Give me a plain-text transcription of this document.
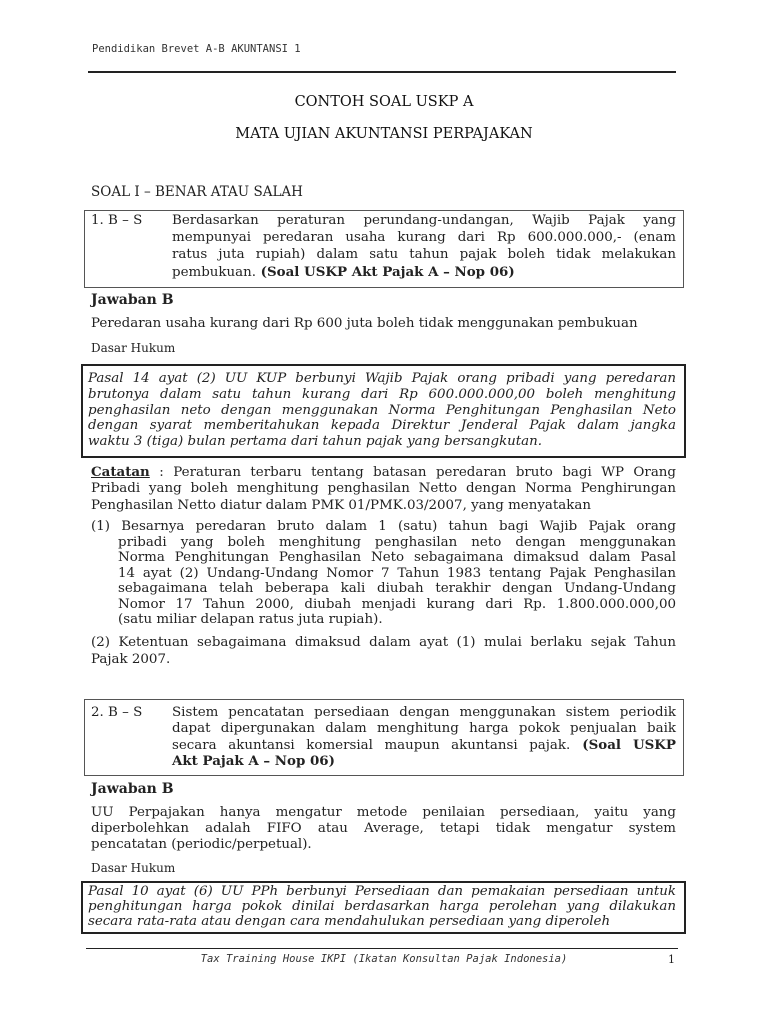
Pendidikan Brevet A-B AKUNTANSI 1
CONTOH SOAL USKP A
MATA UJIAN AKUNTANSI PERPAJAKAN
SOAL I – BENAR ATAU SALAH
1. B – S Berdasarkan peraturan perundang-undangan, Wajib Pajak yang
mempunyai peredaran usaha kurang dari Rp 600.000.000,- (enam
ratus juta rupiah) dalam satu tahun pajak boleh tidak melakukan
pembukuan. (Soal USKP Akt Pajak A – Nop 06)
Jawaban B
Peredaran usaha kurang dari Rp 600 juta boleh tidak menggunakan pembukuan
Dasar Hukum
Pasal 14 ayat (2) UU KUP berbunyi Wajib Pajak orang pribadi yang peredaran
brutonya dalam satu tahun kurang dari Rp 600.000.000,00 boleh menghitung
penghasilan neto dengan menggunakan Norma Penghitungan Penghasilan Neto
dengan syarat memberitahukan kepada Direktur Jenderal Pajak dalam jangka
waktu 3 (tiga) bulan pertama dari tahun pajak yang bersangkutan.
Catatan : Peraturan terbaru tentang batasan peredaran bruto bagi WP Orang
Pribadi yang boleh menghitung penghasilan Netto dengan Norma Penghirungan
Penghasilan Netto diatur dalam PMK 01/PMK.03/2007, yang menyatakan
(1) Besarnya peredaran bruto dalam 1 (satu) tahun bagi Wajib Pajak orang
pribadi yang boleh menghitung penghasilan neto dengan menggunakan
Norma Penghitungan Penghasilan Neto sebagaimana dimaksud dalam Pasal
14 ayat (2) Undang-Undang Nomor 7 Tahun 1983 tentang Pajak Penghasilan
sebagaimana telah beberapa kali diubah terakhir dengan Undang-Undang
Nomor 17 Tahun 2000, diubah menjadi kurang dari Rp. 1.800.000.000,00
(satu miliar delapan ratus juta rupiah).
(2) Ketentuan sebagaimana dimaksud dalam ayat (1) mulai berlaku sejak Tahun
Pajak 2007.
2. B – S Sistem pencatatan persediaan dengan menggunakan sistem periodik
dapat dipergunakan dalam menghitung harga pokok penjualan baik
secara akuntansi komersial maupun akuntansi pajak. (Soal USKP
Akt Pajak A – Nop 06)
Jawaban B
UU Perpajakan hanya mengatur metode penilaian persediaan, yaitu yang
diperbolehkan adalah FIFO atau Average, tetapi tidak mengatur system
pencatatan (periodic/perpetual).
Dasar Hukum
Pasal 10 ayat (6) UU PPh berbunyi Persediaan dan pemakaian persediaan untuk
penghitungan harga pokok dinilai berdasarkan harga perolehan yang dilakukan
secara rata-rata atau dengan cara mendahulukan persediaan yang diperoleh
Tax Training House IKPI (Ikatan Konsultan Pajak Indonesia)	1
